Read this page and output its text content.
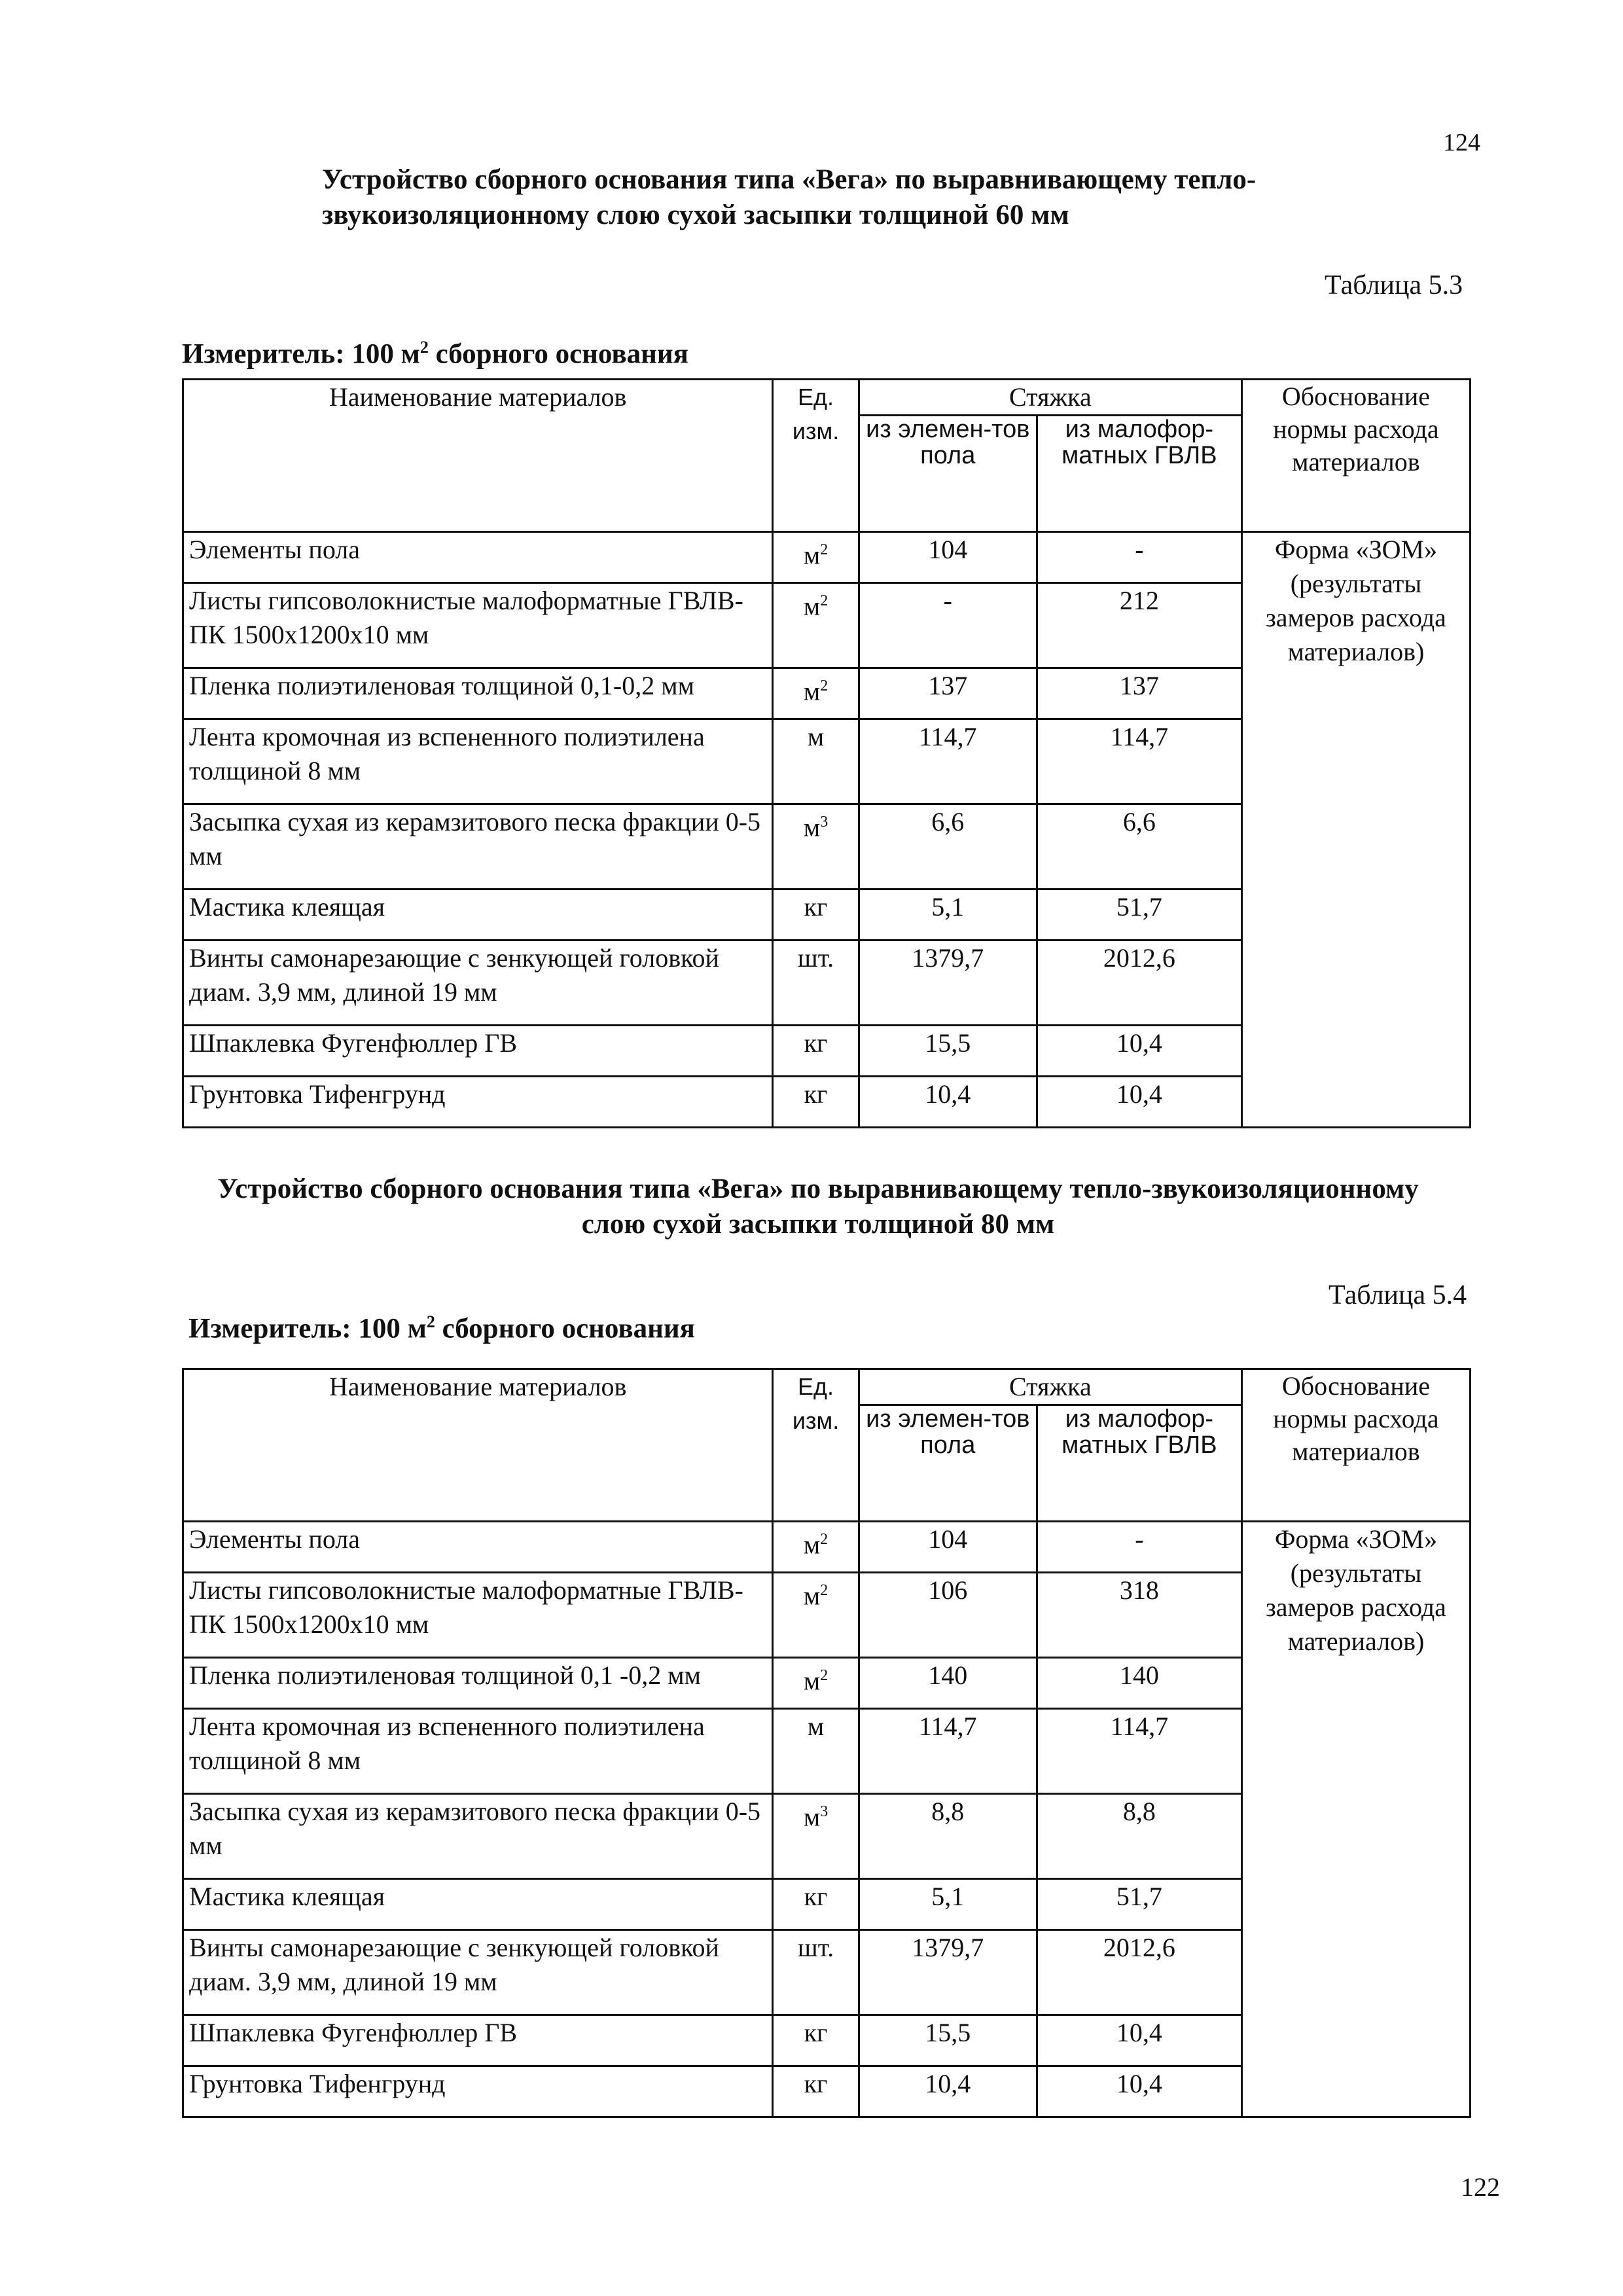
124
Устройство сборного основания типа «Вега» по выравнивающему тепло-звукоизоляционному слою сухой засыпки толщиной 60 мм
Таблица 5.3
Измеритель: 100 $м^2$ сборного основания
Наименование материалов	Ед. изм.	Стяжка		Обоснование нормы расхода материалов
		из элемен-тов пола	из малофор-матных ГВЛВ	
Элементы пола	$м^2$	104	-	Форма «ЗОМ» (результаты замеров расхода материалов)
Листы гипсоволокнистые малоформатные ГВЛВ-ПК 1500х1200х10 мм	$м^2$	-	212	
Пленка полиэтиленовая толщиной 0,1-0,2 мм	$м^2$	137	137	
Лента кромочная из вспененного полиэтилена толщиной 8 мм	м	114,7	114,7	
Засыпка сухая из керамзитового песка фракции 0-5 мм	$м^3$	6,6	6,6	
Мастика клеящая	кг	5,1	51,7	
Винты самонарезающие с зенкующей головкой диам. 3,9 мм, длиной 19 мм	шт.	1379,7	2012,6	
Шпаклевка Фугенфюллер ГВ	кг	15,5	10,4	
Грунтовка Тифенгрунд	кг	10,4	10,4	
Устройство сборного основания типа «Вега» по выравнивающему тепло-звукоизоляционному слою сухой засыпки толщиной 80 мм
Таблица 5.4
Измеритель: 100 $м^2$ сборного основания
Наименование материалов	Ед. изм.	Стяжка		Обоснование нормы расхода материалов
		из элемен-тов пола	из малофор-матных ГВЛВ	
Элементы пола	$м^2$	104	-	Форма «ЗОМ» (результаты замеров расхода материалов)
Листы гипсоволокнистые малоформатные ГВЛВ-ПК 1500х1200х10 мм	$м^2$	106	318	
Пленка полиэтиленовая толщиной 0,1 -0,2 мм	$м^2$	140	140	
Лента кромочная из вспененного полиэтилена толщиной 8 мм	м	114,7	114,7	
Засыпка сухая из керамзитового песка фракции 0-5 мм	$м^3$	8,8	8,8	
Мастика клеящая	кг	5,1	51,7	
Винты самонарезающие с зенкующей головкой диам. 3,9 мм, длиной 19 мм	шт.	1379,7	2012,6	
Шпаклевка Фугенфюллер ГВ	кг	15,5	10,4	
Грунтовка Тифенгрунд	кг	10,4	10,4	
122
